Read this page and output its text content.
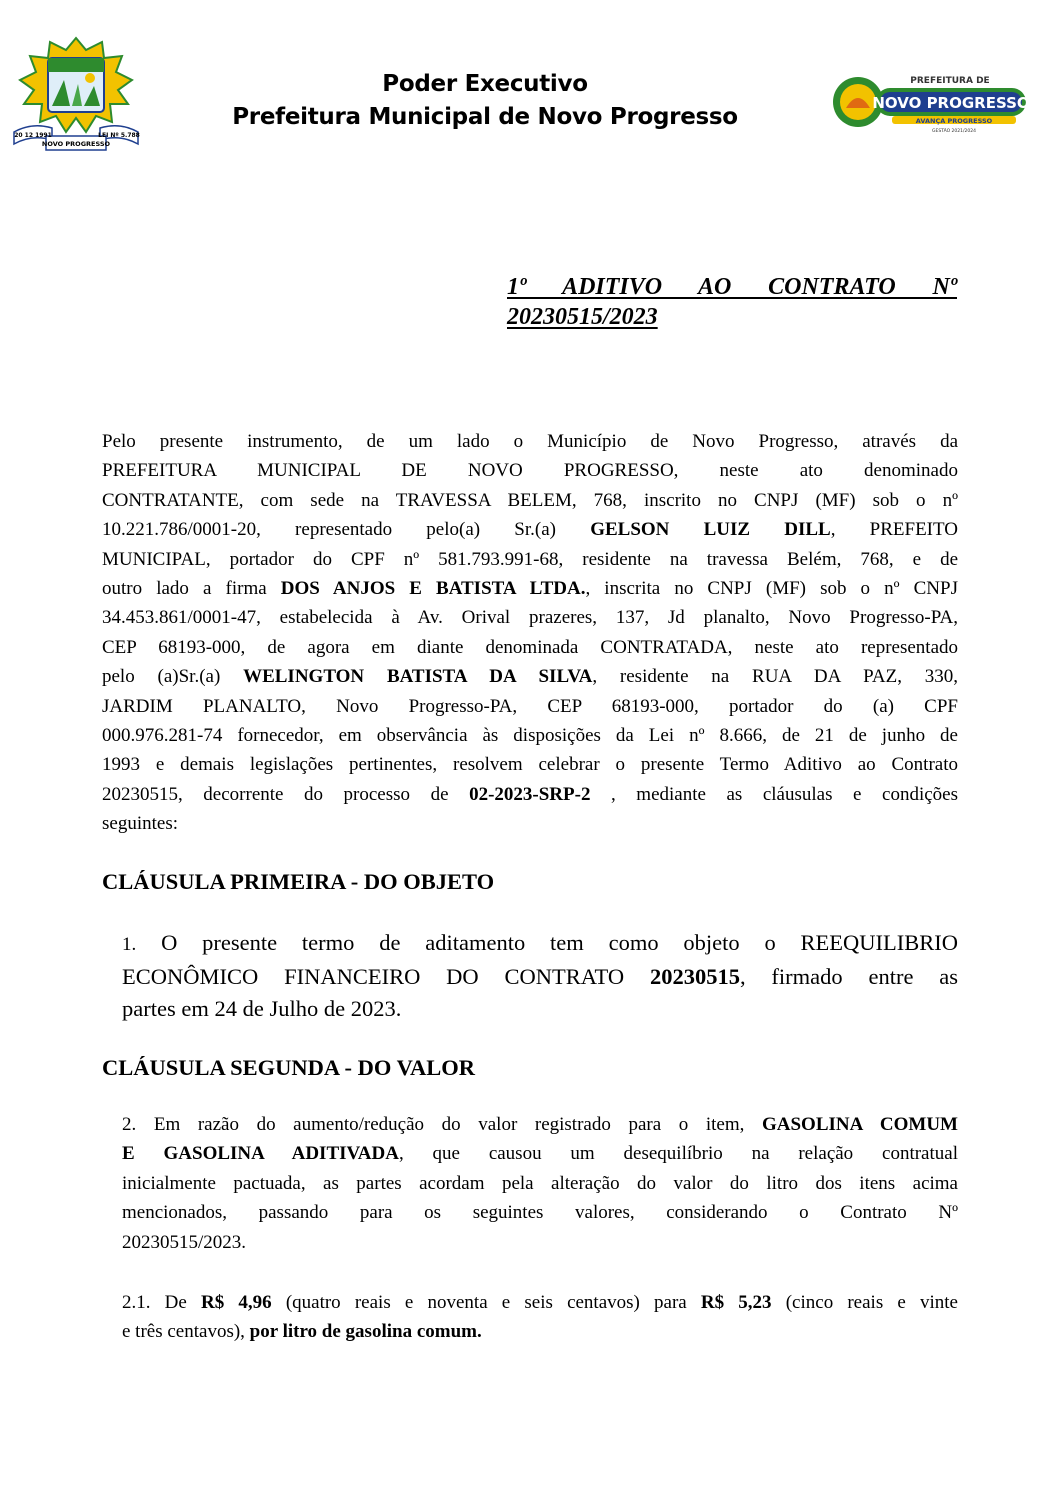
20 12 1991	LEI Nº 5.788
NOVO PROGRESSO
Poder Executivo
Prefeitura Municipal de Novo Progresso
PREFEITURA DE
NOVO PROGRESSO
AVANÇA PROGRESSO
GESTÃO 2021/2024
1º ADITIVO AO CONTRATO Nº
20230515/2023
Pelo presente instrumento, de um lado o Município de Novo Progresso, através da
PREFEITURA MUNICIPAL DE NOVO PROGRESSO, neste ato denominado
CONTRATANTE, com sede na TRAVESSA BELEM, 768, inscrito no CNPJ (MF) sob o nº
10.221.786/0001-20, representado pelo(a) Sr.(a) GELSON LUIZ DILL, PREFEITO
MUNICIPAL, portador do CPF nº 581.793.991-68, residente na travessa Belém, 768, e de
outro lado a firma DOS ANJOS E BATISTA LTDA., inscrita no CNPJ (MF) sob o nº CNPJ
34.453.861/0001-47, estabelecida à Av. Orival prazeres, 137, Jd planalto, Novo Progresso-PA,
CEP 68193-000, de agora em diante denominada CONTRATADA, neste ato representado
pelo (a)Sr.(a) WELINGTON BATISTA DA SILVA, residente na RUA DA PAZ, 330,
JARDIM PLANALTO, Novo Progresso-PA, CEP 68193-000, portador do (a) CPF
000.976.281-74 fornecedor, em observância às disposições da Lei nº 8.666, de 21 de junho de
1993 e demais legislações pertinentes, resolvem celebrar o presente Termo Aditivo ao Contrato
20230515, decorrente do processo de 02-2023-SRP-2 , mediante as cláusulas e condições
seguintes:
CLÁUSULA PRIMEIRA - DO OBJETO
1. O presente termo de aditamento tem como objeto o REEQUILIBRIO
ECONÔMICO FINANCEIRO DO CONTRATO 20230515, firmado entre as
partes em 24 de Julho de 2023.
CLÁUSULA SEGUNDA - DO VALOR
2. Em razão do aumento/redução do valor registrado para o item, GASOLINA COMUM
E GASOLINA ADITIVADA, que causou um desequilíbrio na relação contratual
inicialmente pactuada, as partes acordam pela alteração do valor do litro dos itens acima
mencionados, passando para os seguintes valores, considerando o Contrato Nº
20230515/2023.
2.1. De R$ 4,96 (quatro reais e noventa e seis centavos) para R$ 5,23 (cinco reais e vinte
e três centavos), por litro de gasolina comum.
